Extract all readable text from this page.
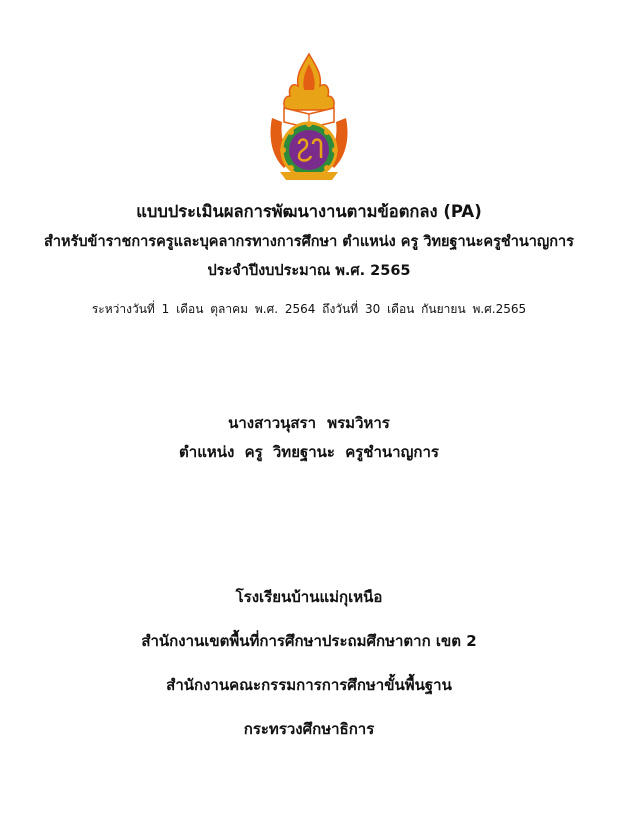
แบบประเมินผลการพัฒนางานตามข้อตกลง (PA)
สำหรับข้าราชการครูและบุคลากรทางการศึกษา ตำแหน่ง ครู วิทยฐานะครูชำนาญการ
ประจำปีงบประมาณ พ.ศ. 2565
ระหว่างวันที่ 1 เดือน ตุลาคม พ.ศ. 2564 ถึงวันที่ 30 เดือน กันยายน พ.ศ.2565
นางสาวนุสรา พรมวิหาร
ตำแหน่ง ครู วิทยฐานะ ครูชำนาญการ
โรงเรียนบ้านแม่กุเหนือ
สำนักงานเขตพื้นที่การศึกษาประถมศึกษาตาก เขต 2
สำนักงานคณะกรรมการการศึกษาขั้นพื้นฐาน
กระทรวงศึกษาธิการ
